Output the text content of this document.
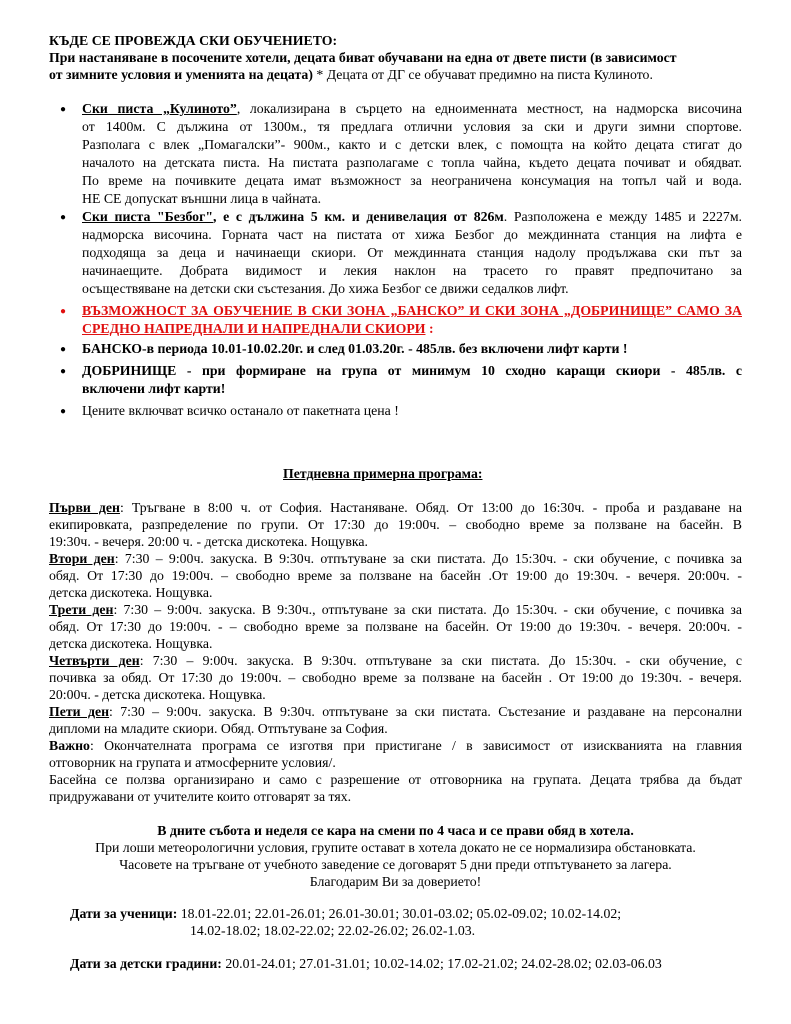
КЪДЕ СЕ ПРОВЕЖДА СКИ ОБУЧЕНИЕТО:
При настаняване в посочените хотели, децата биват обучавани на една от двете писти (в зависимост
от зимните условия и уменията на децата) * Децата от ДГ се обучават предимно на писта Кулиното.
● Ски писта „Кулиното”, локализирана в сърцето на едноименната местност, на надморска височина
от 1400м. С дължина от 1300м., тя предлага отлични условия за ски и други зимни спортове.
Разполага с влек „Помагалски”- 900м., както и с детски влек, с помощта на който децата стигат до
началото на детската писта. На пистата разполагаме с топла чайна, където децата почиват и обядват.
По време на почивките децата имат възможност за неограничена консумация на топъл чай и вода.
НЕ СЕ допускат външни лица в чайната.
● Ски писта "Безбог", е с дължина 5 км. и денивелация от 826м. Разположена е между 1485 и 2227м.
надморска височина. Горната част на пистата от хижа Безбог до междинната станция на лифта е
подходяща за деца и начинаещи скиори. От междинната станция надолу продължава ски път за
начинаещите. Добрата видимост и лекия наклон на трасето го правят предпочитано за
осъществяване на детски ски състезания. До хижа Безбог се движи седалков лифт.
● ВЪЗМОЖНОСТ ЗА ОБУЧЕНИЕ В СКИ ЗОНА „БАНСКО” И СКИ ЗОНА „ДОБРИНИЩЕ” САМО ЗА
СРЕДНО НАПРЕДНАЛИ И НАПРЕДНАЛИ СКИОРИ :
● БАНСКО-в периода 10.01-10.02.20г. и след 01.03.20г. - 485лв. без включени лифт карти !
● ДОБРИНИЩЕ - при формиране на група от минимум 10 сходно каращи скиори - 485лв. с
включени лифт карти!
● Цените включват всичко останало от пакетната цена !
Петдневна примерна програма:
Първи ден: Тръгване в 8:00 ч. от София. Настаняване. Обяд. От 13:00 до 16:30ч. - проба и раздаване на
екипировката, разпределение по групи. От 17:30 до 19:00ч. – свободно време за ползване на басейн. В
19:30ч. - вечеря. 20:00 ч. - детска дискотека. Нощувка.
Втори ден: 7:30 – 9:00ч. закуска. В 9:30ч. отпътуване за ски пистата. До 15:30ч. - ски обучение, с почивка за
обяд. От 17:30 до 19:00ч. – свободно време за ползване на басейн .От 19:00 до 19:30ч. - вечеря. 20:00ч. -
детска дискотека. Нощувка.
Трети ден: 7:30 – 9:00ч. закуска. В 9:30ч., отпътуване за ски пистата. До 15:30ч. - ски обучение, с почивка за
обяд. От 17:30 до 19:00ч. - – свободно време за ползване на басейн. От 19:00 до 19:30ч. - вечеря. 20:00ч. -
детска дискотека. Нощувка.
Четвърти ден: 7:30 – 9:00ч. закуска. В 9:30ч. отпътуване за ски пистата. До 15:30ч. - ски обучение, с
почивка за обяд. От 17:30 до 19:00ч. – свободно време за ползване на басейн . От 19:00 до 19:30ч. - вечеря.
20:00ч. - детска дискотека. Нощувка.
Пети ден: 7:30 – 9:00ч. закуска. В 9:30ч. отпътуване за ски пистата. Състезание и раздаване на персонални
дипломи на младите скиори. Обяд. Отпътуване за София.
Важно: Окончателната програма се изготвя при пристигане / в зависимост от изискванията на главния
отговорник на групата и атмосферните условия/.
Басейна се ползва организирано и само с разрешение от отговорника на групата. Децата трябва да бъдат
придружавани от учителите които отговарят за тях.
В дните събота и неделя се кара на смени по 4 часа и се прави обяд в хотела.
При лоши метеорологични условия, групите остават в хотела докато не се нормализира обстановката.
Часовете на тръгване от учебното заведение се договарят 5 дни преди отпътуването за лагера.
Благодарим Ви за доверието!
Дати за ученици: 18.01-22.01; 22.01-26.01; 26.01-30.01; 30.01-03.02; 05.02-09.02; 10.02-14.02;
14.02-18.02; 18.02-22.02; 22.02-26.02; 26.02-1.03.
Дати за детски градини: 20.01-24.01; 27.01-31.01; 10.02-14.02; 17.02-21.02; 24.02-28.02; 02.03-06.03
